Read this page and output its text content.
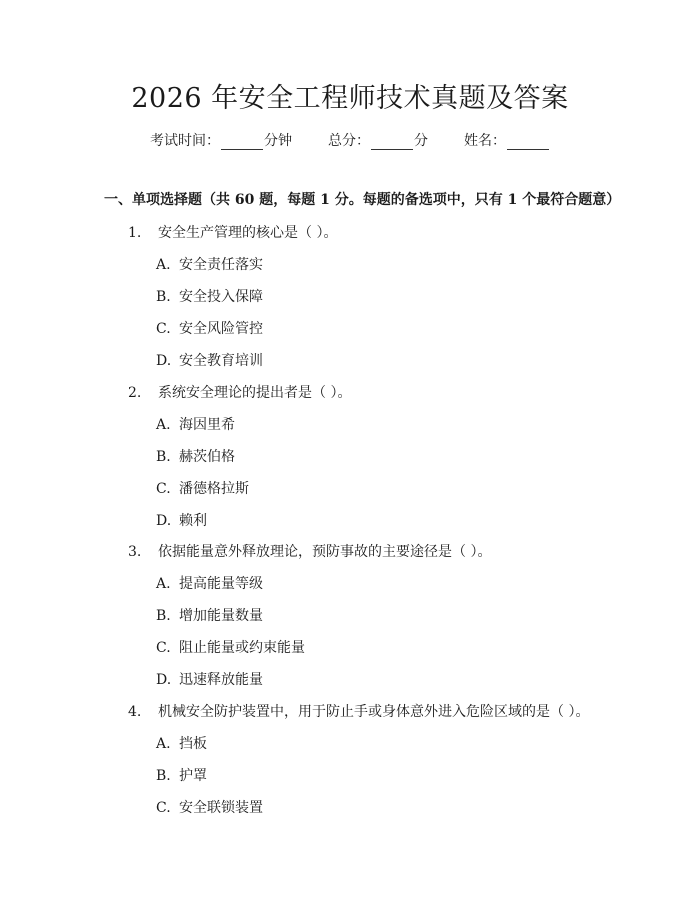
2026 年安全工程师技术真题及答案
考试时间：	分钟	总分：	分	姓名：
一、单项选择题（共 60 题，每题 1 分。每题的备选项中，只有 1 个最符合题意）
1. 安全生产管理的核心是（ ）。
A. 安全责任落实
B. 安全投入保障
C. 安全风险管控
D. 安全教育培训
2. 系统安全理论的提出者是（ ）。
A. 海因里希
B. 赫茨伯格
C. 潘德格拉斯
D. 赖利
3. 依据能量意外释放理论，预防事故的主要途径是（ ）。
A. 提高能量等级
B. 增加能量数量
C. 阻止能量或约束能量
D. 迅速释放能量
4. 机械安全防护装置中，用于防止手或身体意外进入危险区域的是（ ）。
A. 挡板
B. 护罩
C. 安全联锁装置
